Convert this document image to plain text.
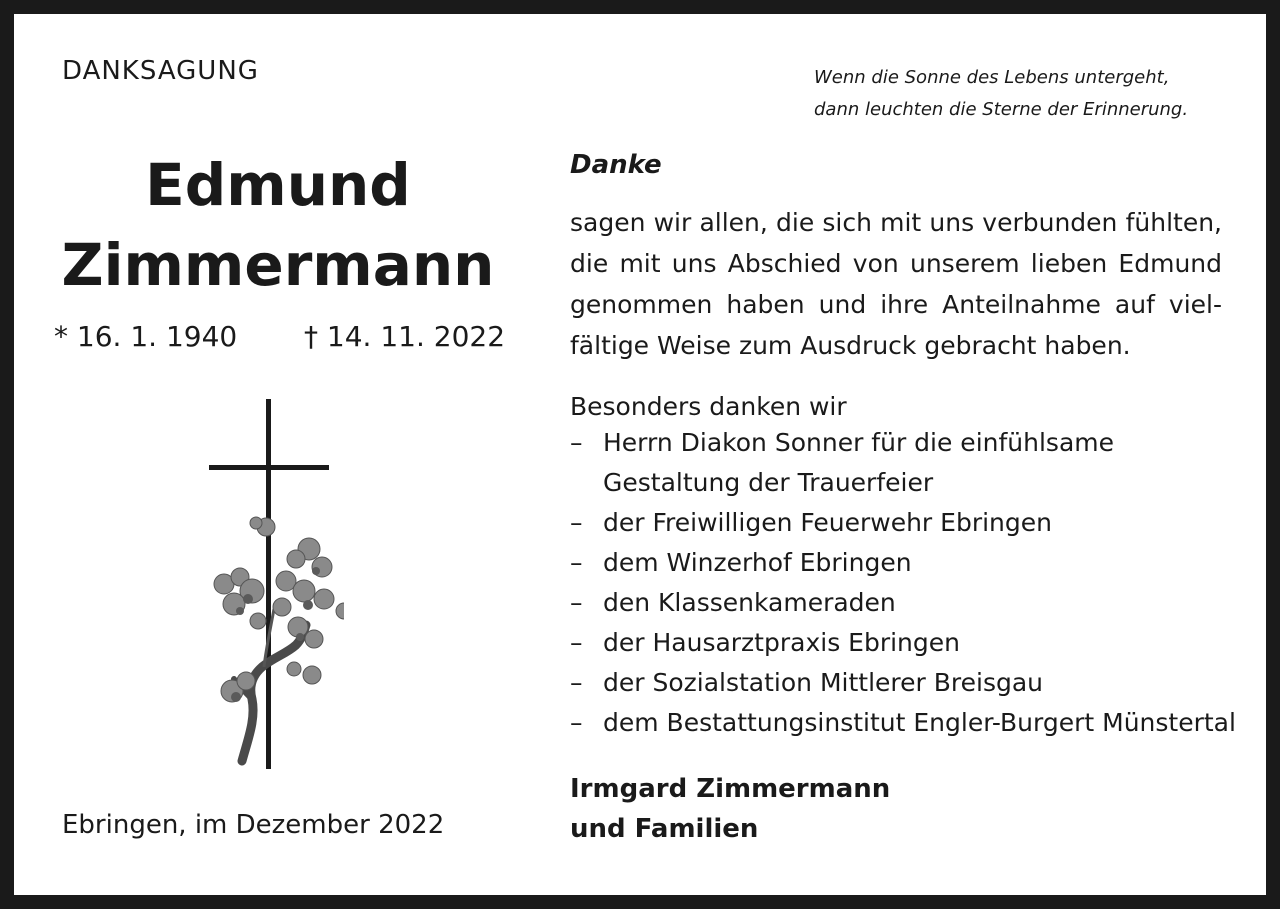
DANKSAGUNG	Wenn die Sonne des Lebens untergeht,
dann leuchten die Sterne der Erinnerung.
Edmund
Zimmermann
* 16. 1. 1940 † 14. 11. 2022
Ebringen, im Dezember 2022
Danke
sagen wir allen, die sich mit uns verbunden fühlten,
die mit uns Abschied von unserem lieben Edmund
genommen haben und ihre Anteilnahme auf viel-
fältige Weise zum Ausdruck gebracht haben.
Besonders danken wir
– Herrn Diakon Sonner für die einfühlsame
Gestaltung der Trauerfeier
– der Freiwilligen Feuerwehr Ebringen
– dem Winzerhof Ebringen
– den Klassenkameraden
– der Hausarztpraxis Ebringen
– der Sozialstation Mittlerer Breisgau
– dem Bestattungsinstitut Engler-Burgert Münstertal
Irmgard Zimmermann
und Familien
